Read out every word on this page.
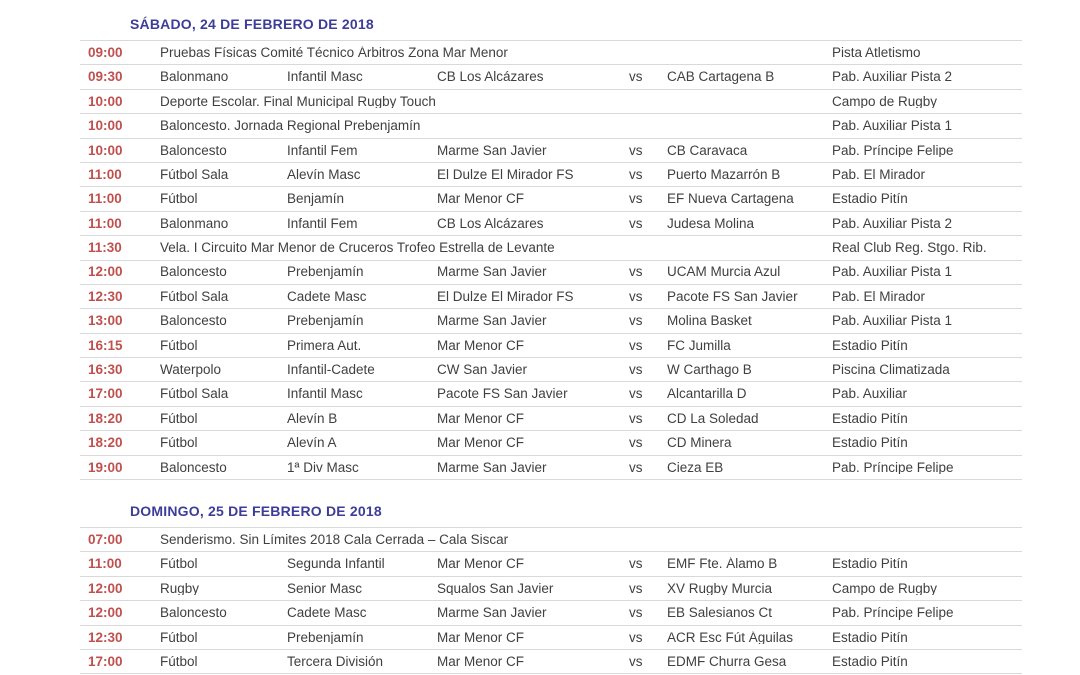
SÁBADO, 24 DE FEBRERO DE 2018
09:00	Pruebas Físicas Comité Técnico Árbitros Zona Mar Menor	Pista Atletismo
09:30	Balonmano	Infantil Masc	CB Los Alcázares	vs	CAB Cartagena B	Pab. Auxiliar Pista 2
10:00	Deporte Escolar. Final Municipal Rugby Touch	Campo de Rugby
10:00	Baloncesto. Jornada Regional Prebenjamín	Pab. Auxiliar Pista 1
10:00	Baloncesto	Infantil Fem	Marme San Javier	vs	CB Caravaca	Pab. Príncipe Felipe
11:00	Fútbol Sala	Alevín Masc	El Dulze El Mirador FS	vs	Puerto Mazarrón B	Pab. El Mirador
11:00	Fútbol	Benjamín	Mar Menor CF	vs	EF Nueva Cartagena	Estadio Pitín
11:00	Balonmano	Infantil Fem	CB Los Alcázares	vs	Judesa Molina	Pab. Auxiliar Pista 2
11:30	Vela. I Circuito Mar Menor de Cruceros Trofeo Estrella de Levante	Real Club Reg. Stgo. Rib.
12:00	Baloncesto	Prebenjamín	Marme San Javier	vs	UCAM Murcia Azul	Pab. Auxiliar Pista 1
12:30	Fútbol Sala	Cadete Masc	El Dulze El Mirador FS	vs	Pacote FS San Javier	Pab. El Mirador
13:00	Baloncesto	Prebenjamín	Marme San Javier	vs	Molina Basket	Pab. Auxiliar Pista 1
16:15	Fútbol	Primera Aut.	Mar Menor CF	vs	FC Jumilla	Estadio Pitín
16:30	Waterpolo	Infantil-Cadete	CW San Javier	vs	W Carthago B	Piscina Climatizada
17:00	Fútbol Sala	Infantil Masc	Pacote FS San Javier	vs	Alcantarilla D	Pab. Auxiliar
18:20	Fútbol	Alevín B	Mar Menor CF	vs	CD La Soledad	Estadio Pitín
18:20	Fútbol	Alevín A	Mar Menor CF	vs	CD Minera	Estadio Pitín
19:00	Baloncesto	1ª Div Masc	Marme San Javier	vs	Cieza EB	Pab. Príncipe Felipe
DOMINGO, 25 DE FEBRERO DE 2018
07:00	Senderismo. Sin Límites 2018 Cala Cerrada – Cala Siscar
11:00	Fútbol	Segunda Infantil	Mar Menor CF	vs	EMF Fte. Álamo B	Estadio Pitín
12:00	Rugby	Senior Masc	Squalos San Javier	vs	XV Rugby Murcia	Campo de Rugby
12:00	Baloncesto	Cadete Masc	Marme San Javier	vs	EB Salesianos Ct	Pab. Príncipe Felipe
12:30	Fútbol	Prebenjamín	Mar Menor CF	vs	ACR Esc Fút Águilas	Estadio Pitín
17:00	Fútbol	Tercera División	Mar Menor CF	vs	EDMF Churra Gesa	Estadio Pitín
